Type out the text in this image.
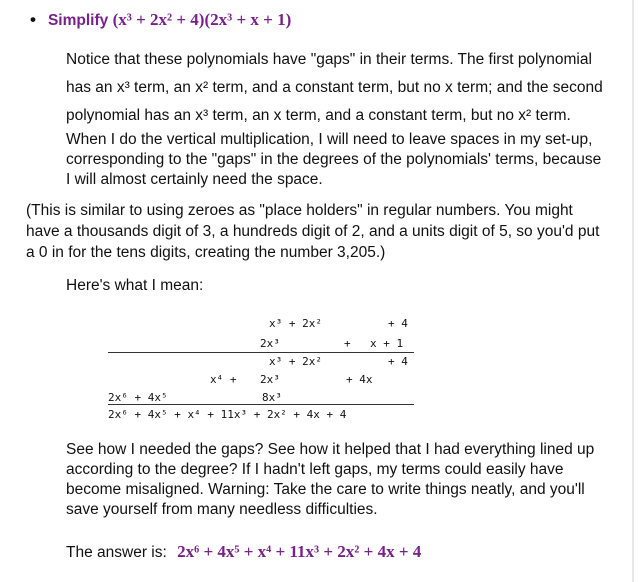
• Simplify (x³ + 2x² + 4)(2x³ + x + 1)
Notice that these polynomials have "gaps" in their terms. The first polynomial
has an x³ term, an x² term, and a constant term, but no x term; and the second
polynomial has an x³ term, an x term, and a constant term, but no x² term.
When I do the vertical multiplication, I will need to leave spaces in my set-up,
corresponding to the "gaps" in the degrees of the polynomials' terms, because
I will almost certainly need the space.
(This is similar to using zeroes as "place holders" in regular numbers. You might
have a thousands digit of 3, a hundreds digit of 2, and a units digit of 5, so you'd put
a 0 in for the tens digits, creating the number 3,205.)
Here's what I mean:
x³ + 2x²	+ 4
2x³	+ x + 1
x³ + 2x²	+ 4
x⁴ + 2x³	+ 4x
2x⁶ + 4x⁵	8x³
2x⁶ + 4x⁵ + x⁴ + 11x³ + 2x² + 4x + 4
See how I needed the gaps? See how it helped that I had everything lined up
according to the degree? If I hadn't left gaps, my terms could easily have
become misaligned. Warning: Take the care to write things neatly, and you'll
save yourself from many needless difficulties.
The answer is: 2x⁶ + 4x⁵ + x⁴ + 11x³ + 2x² + 4x + 4
